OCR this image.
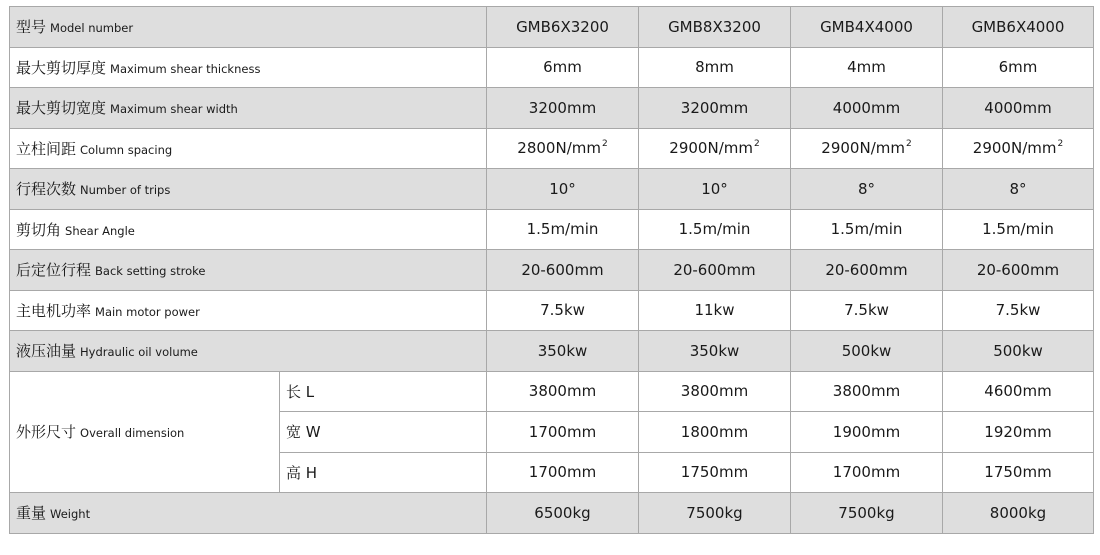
型号 Model number		GMB6X3200	GMB8X3200	GMB4X4000	GMB6X4000
最大剪切厚度 Maximum shear thickness		6mm	8mm	4mm	6mm
最大剪切宽度 Maximum shear width		3200mm	3200mm	4000mm	4000mm
立柱间距 Column spacing		$2800N/mm^2$	$2900N/mm^2$	$2900N/mm^2$	$2900N/mm^2$
行程次数 Number of trips		10°	10°	8°	8°
剪切角 Shear Angle		1.5m/min	1.5m/min	1.5m/min	1.5m/min
后定位行程 Back setting stroke		20-600mm	20-600mm	20-600mm	20-600mm
主电机功率 Main motor power		7.5kw	11kw	7.5kw	7.5kw
液压油量 Hydraulic oil volume		350kw	350kw	500kw	500kw
外形尺寸 Overall dimension	长 L	3800mm	3800mm	3800mm	4600mm
	宽 W	1700mm	1800mm	1900mm	1920mm
	高 H	1700mm	1750mm	1700mm	1750mm
重量 Weight		6500kg	7500kg	7500kg	8000kg
